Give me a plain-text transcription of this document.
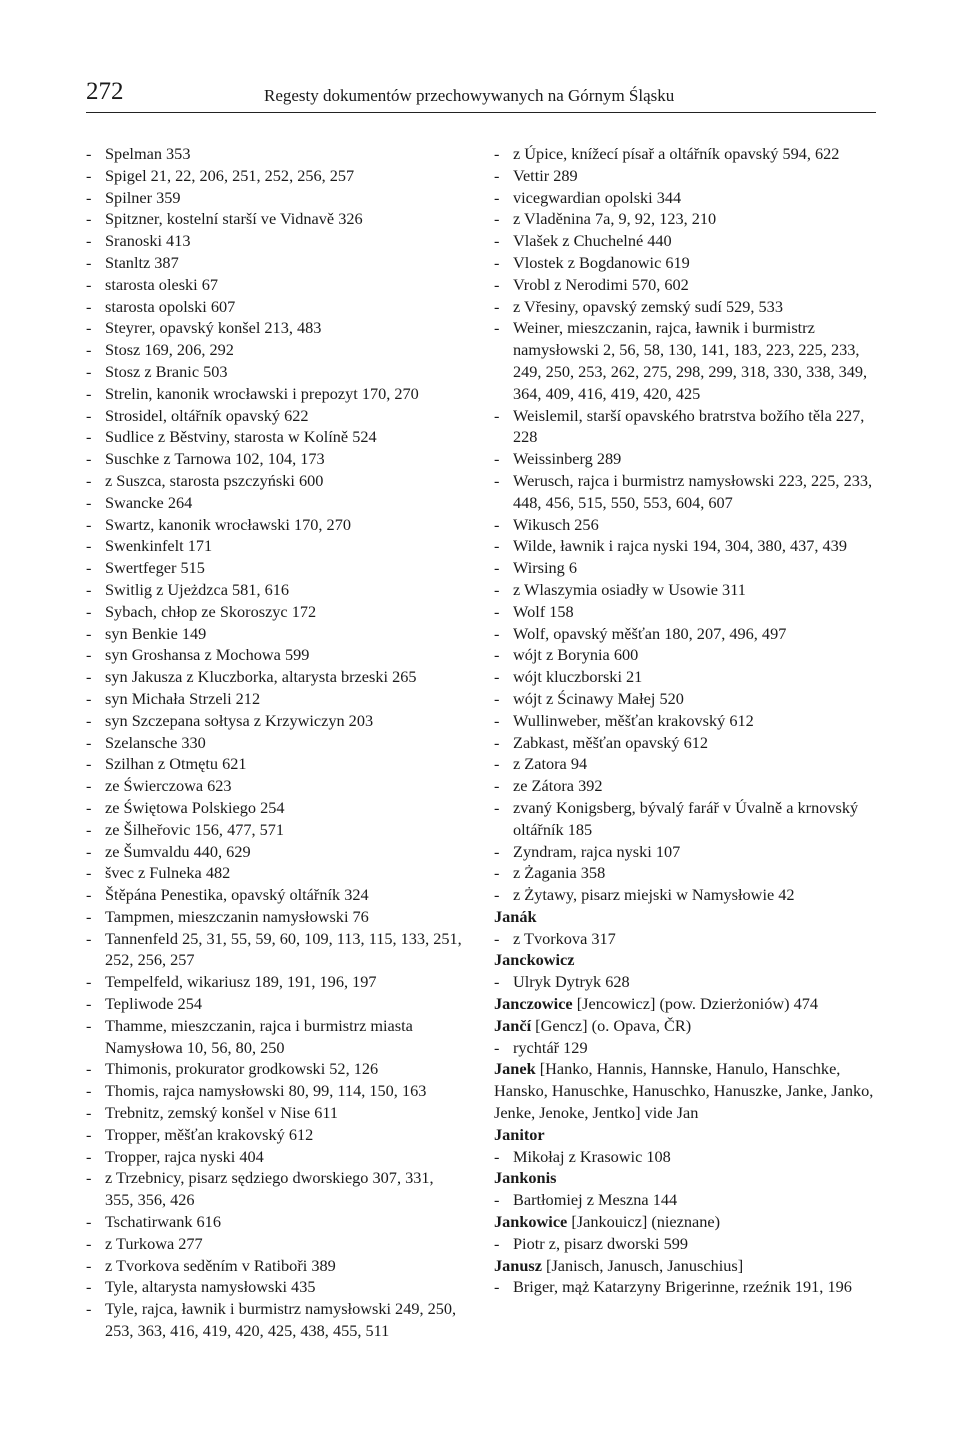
272	Regesty dokumentów przechowywanych na Górnym Śląsku
- Spelman 353
- Spigel 21, 22, 206, 251, 252, 256, 257
- Spilner 359
- Spitzner, kostelní starší ve Vidnavě 326
- Sranoski 413
- Stanltz 387
- starosta oleski 67
- starosta opolski 607
- Steyrer, opavský konšel 213, 483
- Stosz 169, 206, 292
- Stosz z Branic 503
- Strelin, kanonik wrocławski i prepozyt 170, 270
- Strosidel, oltářník opavský 622
- Sudlice z Běstviny, starosta w Kolíně 524
- Suschke z Tarnowa 102, 104, 173
- z Suszca, starosta pszczyński 600
- Swancke 264
- Swartz, kanonik wrocławski 170, 270
- Swenkinfelt 171
- Swertfeger 515
- Switlig z Ujeżdzca 581, 616
- Sybach, chłop ze Skoroszyc 172
- syn Benkie 149
- syn Groshansa z Mochowa 599
- syn Jakusza z Kluczborka, altarysta brzeski 265
- syn Michała Strzeli 212
- syn Szczepana sołtysa z Krzywiczyn 203
- Szelansche 330
- Szilhan z Otmętu 621
- ze Świerczowa 623
- ze Świętowa Polskiego 254
- ze Šilheřovic 156, 477, 571
- ze Šumvaldu 440, 629
- švec z Fulneka 482
- Štěpána Penestika, opavský oltářník 324
- Tampmen, mieszczanin namysłowski 76
- Tannenfeld 25, 31, 55, 59, 60, 109, 113, 115, 133, 251, 252, 256, 257
- Tempelfeld, wikariusz 189, 191, 196, 197
- Tepliwode 254
- Thamme, mieszczanin, rajca i burmistrz miasta Namysłowa 10, 56, 80, 250
- Thimonis, prokurator grodkowski 52, 126
- Thomis, rajca namysłowski 80, 99, 114, 150, 163
- Trebnitz, zemský konšel v Nise 611
- Tropper, měšťan krakovský 612
- Tropper, rajca nyski 404
- z Trzebnicy, pisarz sędziego dworskiego 307, 331, 355, 356, 426
- Tschatirwank 616
- z Turkowa 277
- z Tvorkova seděním v Ratiboři 389
- Tyle, altarysta namysłowski 435
- Tyle, rajca, ławnik i burmistrz namysłowski 249, 250, 253, 363, 416, 419, 420, 425, 438, 455, 511
- z Úpice, knížecí písař a oltářník opavský 594, 622
- Vettir 289
- vicegwardian opolski 344
- z Vladěnina 7a, 9, 92, 123, 210
- Vlašek z Chuchelné 440
- Vlostek z Bogdanowic 619
- Vrobl z Nerodimi 570, 602
- z Vřesiny, opavský zemský sudí 529, 533
- Weiner, mieszczanin, rajca, ławnik i burmistrz namysłowski 2, 56, 58, 130, 141, 183, 223, 225, 233, 249, 250, 253, 262, 275, 298, 299, 318, 330, 338, 349, 364, 409, 416, 419, 420, 425
- Weislemil, starší opavského bratrstva božího těla 227, 228
- Weissinberg 289
- Werusch, rajca i burmistrz namysłowski 223, 225, 233, 448, 456, 515, 550, 553, 604, 607
- Wikusch 256
- Wilde, ławnik i rajca nyski 194, 304, 380, 437, 439
- Wirsing 6
- z Wlaszymia osiadły w Usowie 311
- Wolf 158
- Wolf, opavský měšťan 180, 207, 496, 497
- wójt z Borynia 600
- wójt kluczborski 21
- wójt z Ścinawy Małej 520
- Wullinweber, měšťan krakovský 612
- Zabkast, měšťan opavský 612
- z Zatora 94
- ze Zátora 392
- zvaný Konigsberg, bývalý farář v Úvalně a krnovský oltářník 185
- Zyndram, rajca nyski 107
- z Żagania 358
- z Żytawy, pisarz miejski w Namysłowie 42
Janák
- z Tvorkova 317
Janckowicz
- Ulryk Dytryk 628
Janczowice [Jencowicz] (pow. Dzierżoniów) 474
Jančí [Gencz] (o. Opava, ČR)
- rychtář 129
Janek [Hanko, Hannis, Hannske, Hanulo, Hanschke, Hansko, Hanuschke, Hanuschko, Hanuszke, Janke, Janko, Jenke, Jenoke, Jentko] vide Jan
Janitor
- Mikołaj z Krasowic 108
Jankonis
- Bartłomiej z Meszna 144
Jankowice [Jankouicz] (nieznane)
- Piotr z, pisarz dworski 599
Janusz [Janisch, Janusch, Januschius]
- Briger, mąż Katarzyny Brigerinne, rzeźnik 191, 196
